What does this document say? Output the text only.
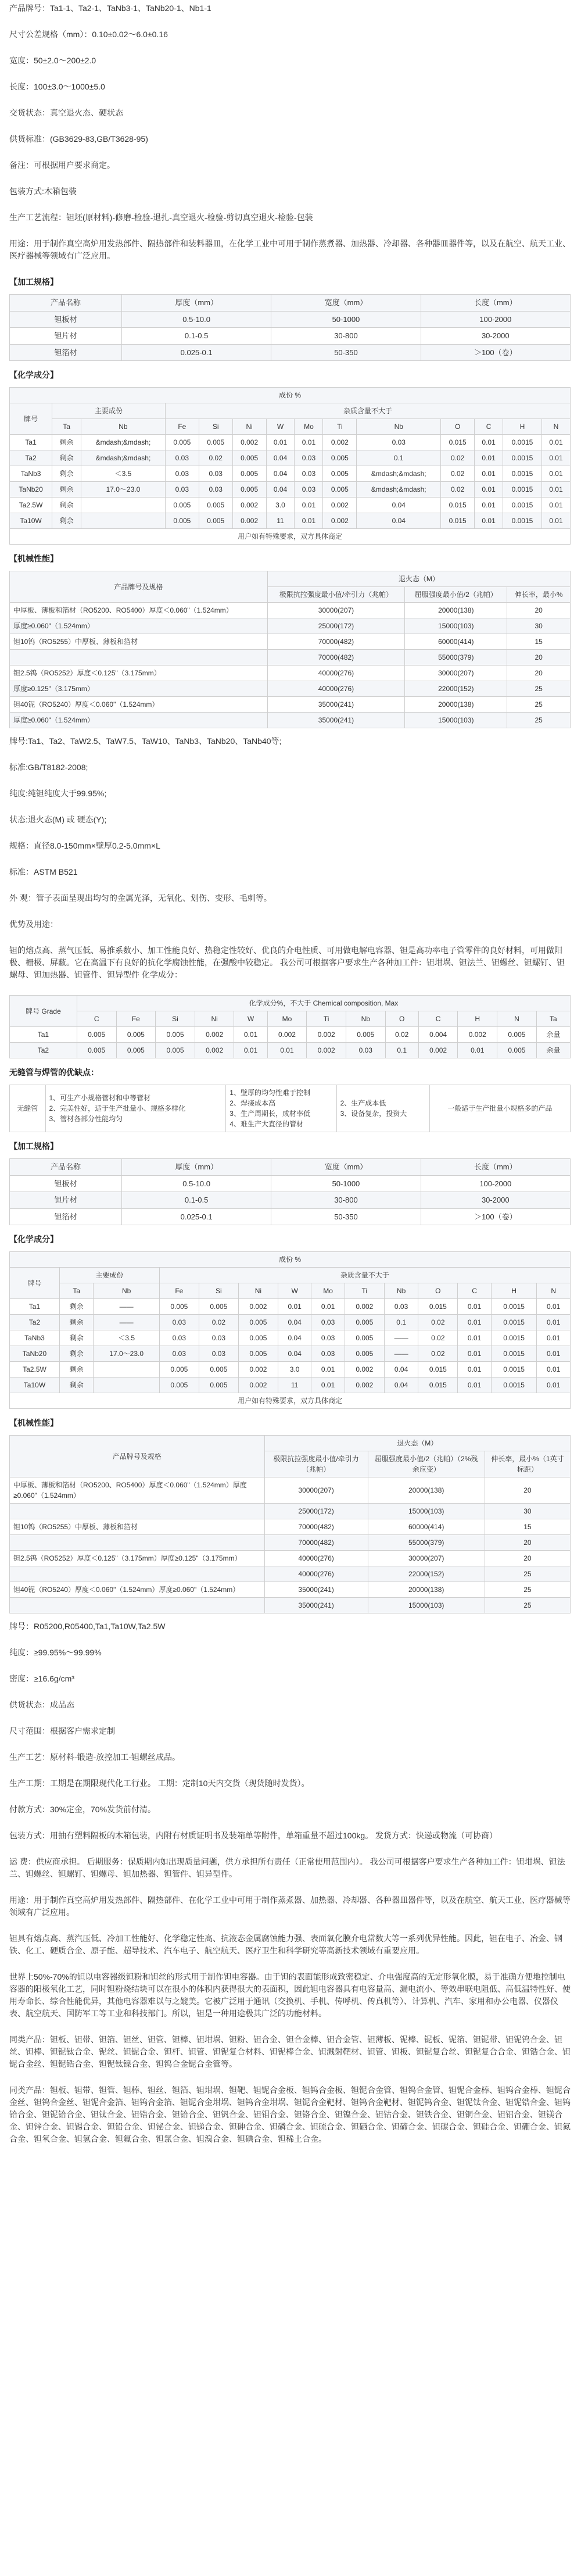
产品牌号：Ta1-1、Ta2-1、TaNb3-1、TaNb20-1、Nb1-1

尺寸公差规格（mm）：0.10±0.02～6.0±0.16

宽度：50±2.0～200±2.0

长度：100±3.0～1000±5.0

交货状态：真空退火态、硬状态

供货标准：(GB3629-83,GB/T3628-95)

备注：可根据用户要求商定。

包装方式:木箱包装

生产工艺流程：钽坯(原材料)-修磨-检验-退扎-真空退火-检验-剪切真空退火-检验-包装

用途：用于制作真空高炉用发热部件、隔热部件和装料器皿，在化学工业中可用于制作蒸煮器、加热器、冷却器、各种器皿器件等，以及在航空、航天工业、医疗器械等领域有广泛应用。

【加工规格】
产品名称	厚度（mm）	宽度（mm）	长度（mm）
钽板材	0.5-10.0	50-1000	100-2000
钽片材	0.1-0.5	30-800	30-2000
钽箔材	0.025-0.1	50-350	＞100（卷）
【化学成分】
成份 %													
牌号	主要成份		杂质含量不大于										
	Ta	Nb	Fe	Si	Ni	W	Mo	Ti	Nb	O	C	H	N
Ta1	剩余	&mdash;&mdash;	0.005	0.005	0.002	0.01	0.01	0.002	0.03	0.015	0.01	0.0015	0.01
Ta2	剩余	&mdash;&mdash;	0.03	0.02	0.005	0.04	0.03	0.005	0.1	0.02	0.01	0.0015	0.01
TaNb3	剩余	＜3.5	0.03	0.03	0.005	0.04	0.03	0.005	&mdash;&mdash;	0.02	0.01	0.0015	0.01
TaNb20	剩余	17.0～23.0	0.03	0.03	0.005	0.04	0.03	0.005	&mdash;&mdash;	0.02	0.01	0.0015	0.01
Ta2.5W	剩余		0.005	0.005	0.002	3.0	0.01	0.002	0.04	0.015	0.01	0.0015	0.01
Ta10W	剩余		0.005	0.005	0.002	11	0.01	0.002	0.04	0.015	0.01	0.0015	0.01
用户如有特殊要求，双方具体商定													
【机械性能】
产品牌号及规格	退火态（M）		
	极限抗拉强度最小值/牵引力（兆帕）	屈服强度最小值/2（兆帕）	伸长率，最小%
中厚板、薄板和箔材（RO5200、RO5400）厚度＜0.060"（1.524mm）	30000(207)	20000(138)	20
厚度≥0.060"（1.524mm）	25000(172)	15000(103)	30
钽10钨（RO5255）中厚板、薄板和箔材	70000(482)	60000(414)	15
	70000(482)	55000(379)	20
钽2.5钨（RO5252）厚度＜0.125"（3.175mm）	40000(276)	30000(207)	20
厚度≥0.125"（3.175mm）	40000(276)	22000(152)	25
钽40铌（RO5240）厚度＜0.060"（1.524mm）	35000(241)	20000(138)	25
厚度≥0.060"（1.524mm）	35000(241)	15000(103)	25

牌号:Ta1、Ta2、TaW2.5、TaW7.5、TaW10、TaNb3、TaNb20、TaNb40等;

标准:GB/T8182-2008;

纯度:纯钽纯度大于99.95%;

状态:退火态(M) 或 硬态(Y);

规格：直径8.0-150mm×壁厚0.2-5.0mm×L

标准：ASTM B521

外 观：管子表面呈现出均匀的金属光泽，无氧化、划伤、变形、毛刺等。

优势及用途：

钽的熔点高、蒸气压低、易推系数小、加工性能良好、热稳定性较好、优良的介电性质、可用做电解电容器、钽是高功率电子管零件的良好材料，可用做阳极、栅极、屏蔽。它在高温下有良好的抗化学腐蚀性能，在强酸中较稳定。 我公司可根据客户要求生产各种加工件：钽坩埚、钽法兰、钽螺丝、钽螺钉、钽螺母、钽加热器、钽管件、钽异型件 化学成分：

牌号 Grade	化学成分%，不大于 Chemical composition, Max												
	C	Fe	Si	Ni	W	Mo	Ti	Nb	O	C	H	N	Ta
Ta1	0.005	0.005	0.005	0.002	0.01	0.002	0.002	0.005	0.02	0.004	0.002	0.005	余量
Ta2	0.005	0.005	0.005	0.002	0.01	0.01	0.002	0.03	0.1	0.002	0.01	0.005	余量
无缝管与焊管的优缺点：
无缝管	1、可生产小规格管材和中等管材
2、完美性好，适于生产批量小、规格多样化
3、管材各部分性能均匀	1、壁厚的均匀性难于控制
2、焊接成本高
3、生产周期长，成材率低
4、难生产大直径的管材	2、生产成本低
3、设备复杂，投资大	一般适于生产批量小规格多的产品
【加工规格】
产品名称	厚度（mm）	宽度（mm）	长度（mm）
钽板材	0.5-10.0	50-1000	100-2000
钽片材	0.1-0.5	30-800	30-2000
钽箔材	0.025-0.1	50-350	＞100（卷）
【化学成分】
成份 %													
牌号	主要成份		杂质含量不大于										
	Ta	Nb	Fe	Si	Ni	W	Mo	Ti	Nb	O	C	H	N
Ta1	剩余	——	0.005	0.005	0.002	0.01	0.01	0.002	0.03	0.015	0.01	0.0015	0.01
Ta2	剩余	——	0.03	0.02	0.005	0.04	0.03	0.005	0.1	0.02	0.01	0.0015	0.01
TaNb3	剩余	＜3.5	0.03	0.03	0.005	0.04	0.03	0.005	——	0.02	0.01	0.0015	0.01
TaNb20	剩余	17.0～23.0	0.03	0.03	0.005	0.04	0.03	0.005	——	0.02	0.01	0.0015	0.01
Ta2.5W	剩余		0.005	0.005	0.002	3.0	0.01	0.002	0.04	0.015	0.01	0.0015	0.01
Ta10W	剩余		0.005	0.005	0.002	11	0.01	0.002	0.04	0.015	0.01	0.0015	0.01
用户如有特殊要求，双方具体商定													
【机械性能】
产品牌号及规格	退火态（M）		
	极限抗拉强度最小值/牵引力（兆帕）	屈服强度最小值/2（兆帕）（2%残余应变）	伸长率，最小%（1英寸标距）
中厚板、薄板和箔材（RO5200、RO5400）厚度＜0.060"（1.524mm）厚度≥0.060"（1.524mm）	30000(207)	20000(138)	20
	25000(172)	15000(103)	30
钽10钨（RO5255）中厚板、薄板和箔材	70000(482)	60000(414)	15
	70000(482)	55000(379)	20
钽2.5钨（RO5252）厚度＜0.125"（3.175mm）厚度≥0.125"（3.175mm）	40000(276)	30000(207)	20
	40000(276)	22000(152)	25
钽40铌（RO5240）厚度＜0.060"（1.524mm）厚度≥0.060"（1.524mm）	35000(241)	20000(138)	25
	35000(241)	15000(103)	25

牌号：R05200,R05400,Ta1,Ta10W,Ta2.5W

纯度：≥99.95%～99.99%

密度：≥16.6g/cm³

供货状态：成品态

尺寸范围：根据客户需求定制

生产工艺：原材料-锻造-放控加工-钽螺丝成品。

生产工期：工期是在期限现代化工行业。 工期：定制10天内交货（现货随时发货）。

付款方式：30%定金，70%发货前付清。

包装方式：用抽有塑料隔板的木箱包装，内附有材质证明书及装箱单等附件，单箱重量不超过100kg。 发货方式：快递或物流（可协商）

运 费：供应商承担。 后期服务：保质期内如出现质量问题，供方承担所有责任（正常使用范围内）。 我公司可根据客户要求生产各种加工件：钽坩埚、钽法兰、钽螺丝、钽螺钉、钽螺母、钽加热器、钽管件、钽异型件。

用途：用于制作真空高炉用发热部件、隔热部件、在化学工业中可用于制作蒸煮器、加热器、冷却器、各种器皿器件等，以及在航空、航天工业、医疗器械等领域有广泛应用。

钽具有熔点高、蒸汽压低、冷加工性能好、化学稳定性高、抗液态金属腐蚀能力强、表面氧化膜介电常数大等一系列优异性能。因此，钽在电子、冶金、钢铁、化工、硬质合金、原子能、超导技术、汽车电子、航空航天、医疗卫生和科学研究等高新技术领域有重要应用。

世界上50%-70%的钽以电容器级钽粉和钽丝的形式用于制作钽电容器。由于钽的表面能形成致密稳定、介电强度高的无定形氧化膜，易于准确方便地控制电容器的阳极氧化工艺，同时钽粉烧结块可以在很小的体积内获得很大的表面积，因此钽电容器具有电容量高、漏电流小、等效串联电阻低、高低温特性好、使用寿命长、综合性能优异，其他电容器难以与之媲美。它被广泛用于通讯（交换机、手机、传呼机、传真机等）、计算机、汽车、家用和办公电器、仪器仪表、航空航天、国防军工等工业和科技部门。所以，钽是一种用途极其广泛的功能材料。

同类产品：钽板、钽带、钽箔、钽丝、钽管、钽棒、钽坩埚、钽粉、钽合金、钽合金棒、钽合金管、钽薄板、铌棒、铌板、铌箔、钽铌带、钽铌钨合金、钽丝、钽棒、钽铌钛合金、铌丝、钽铌合金、钽杆、钽管、钽铌复合材料、钽铌棒合金、钽溅射靶材、钽管、钽板、钽铌复合丝、钽铌复合合金、钽锆合金、钽铌合金丝、钽铌锆合金、钽铌钛镍合金、钽钨合金铌合金管等。

同类产品：钽板、钽带、钽管、钽棒、钽丝、钽箔、钽坩埚、钽靶、钽铌合金板、钽钨合金板、钽铌合金管、钽钨合金管、钽铌合金棒、钽钨合金棒、钽铌合金丝、钽钨合金丝、钽铌合金箔、钽钨合金箔、钽铌合金坩埚、钽钨合金坩埚、钽铌合金靶材、钽钨合金靶材、钽铌钨合金、钽铌钛合金、钽铌锆合金、钽钨铪合金、钽铌铪合金、钽钛合金、钽锆合金、钽铪合金、钽钒合金、钽钼合金、钽铬合金、钽镍合金、钽钴合金、钽铁合金、钽铜合金、钽铝合金、钽镁合金、钽锌合金、钽锡合金、钽铅合金、钽铋合金、钽锑合金、钽砷合金、钽磷合金、钽硫合金、钽硒合金、钽碲合金、钽碳合金、钽硅合金、钽硼合金、钽氮合金、钽氧合金、钽氢合金、钽氟合金、钽氯合金、钽溴合金、钽碘合金、钽稀土合金。
